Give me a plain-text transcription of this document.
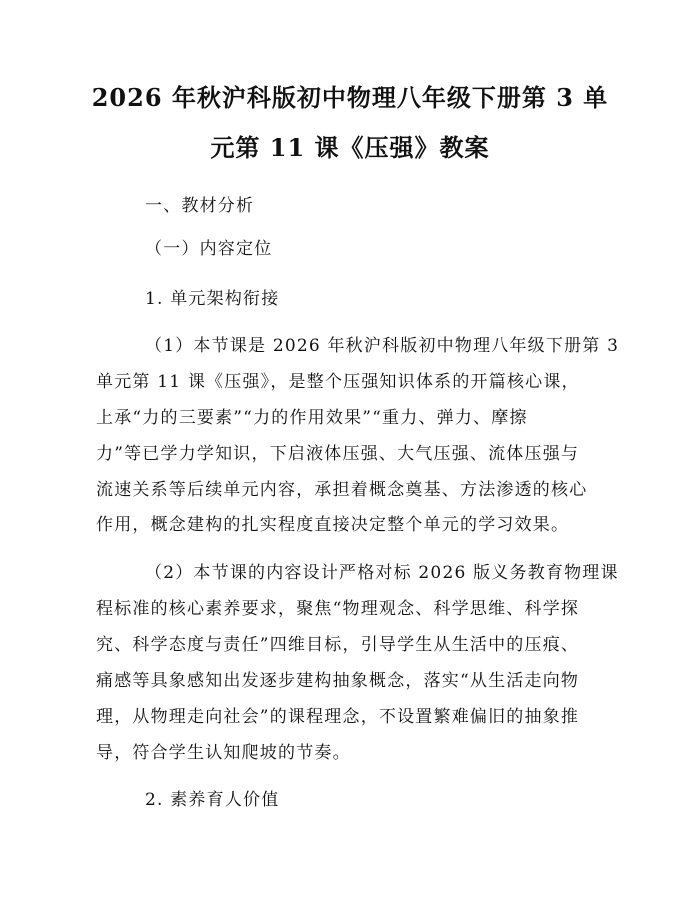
2026 年秋沪科版初中物理八年级下册第 3 单
元第 11 课《压强》教案
一、教材分析
（一）内容定位
1. 单元架构衔接
（1）本节课是 2026 年秋沪科版初中物理八年级下册第 3
单元第 11 课《压强》，是整个压强知识体系的开篇核心课，
上承“力的三要素”“力的作用效果”“重力、弹力、摩擦
力”等已学力学知识，下启液体压强、大气压强、流体压强与
流速关系等后续单元内容，承担着概念奠基、方法渗透的核心
作用，概念建构的扎实程度直接决定整个单元的学习效果。
（2）本节课的内容设计严格对标 2026 版义务教育物理课
程标准的核心素养要求，聚焦“物理观念、科学思维、科学探
究、科学态度与责任”四维目标，引导学生从生活中的压痕、
痛感等具象感知出发逐步建构抽象概念，落实“从生活走向物
理，从物理走向社会”的课程理念，不设置繁难偏旧的抽象推
导，符合学生认知爬坡的节奏。
2. 素养育人价值
